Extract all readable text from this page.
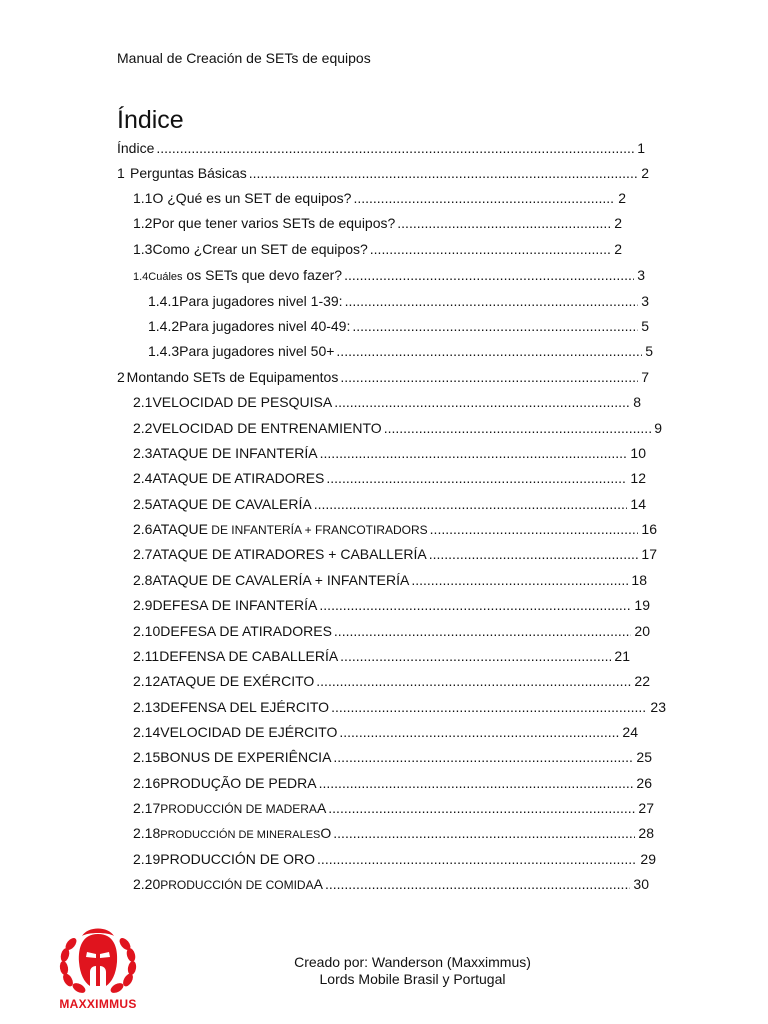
Manual de Creación de SETs de equipos
Índice
Índice .....	1
1 Perguntas Básicas .....	2
1.1 O ¿Qué es un SET de equipos? .....	2
1.2 Por que tener varios SETs de equipos? .....	2
1.3 Como ¿Crear un SET de equipos? .....	2
1.4 Cuáles os SETs que devo fazer? .....	3
1.4.1 Para jugadores nivel 1-39: .....	3
1.4.2 Para jugadores nivel 40-49: .....	5
1.4.3 Para jugadores nivel 50+ .....	5
2 Montando SETs de Equipamentos .....	7
2.1 VELOCIDAD DE PESQUISA .....	8
2.2 VELOCIDAD DE ENTRENAMIENTO .....	9
2.3 ATAQUE DE INFANTERÍA .....	10
2.4 ATAQUE DE ATIRADORES .....	12
2.5 ATAQUE DE CAVALERÍA .....	14
2.6 ATAQUE DE INFANTERÍA + FRANCOTIRADORS .....	16
2.7 ATAQUE DE ATIRADORES + CABALLERÍA .....	17
2.8 ATAQUE DE CAVALERÍA + INFANTERÍA .....	18
2.9 DEFESA DE INFANTERÍA .....	19
2.10 DEFESA DE ATIRADORES .....	20
2.11 DEFENSA DE CABALLERÍA .....	21
2.12 ATAQUE DE EXÉRCITO .....	22
2.13 DEFENSA DEL EJÉRCITO .....	23
2.14 VELOCIDAD DE EJÉRCITO .....	24
2.15 BONUS DE EXPERIÊNCIA .....	25
2.16 PRODUÇÃO DE PEDRA .....	26
2.17 PRODUCCIÓN DE MADERA A .....	27
2.18 PRODUCCIÓN DE MINERALES O .....	28
2.19 PRODUCCIÓN DE ORO .....	29
2.20 PRODUCCIÓN DE COMIDA A .....	30
MAXXIMMUS
Creado por: Wanderson (Maxximmus)
Lords Mobile Brasil y Portugal
